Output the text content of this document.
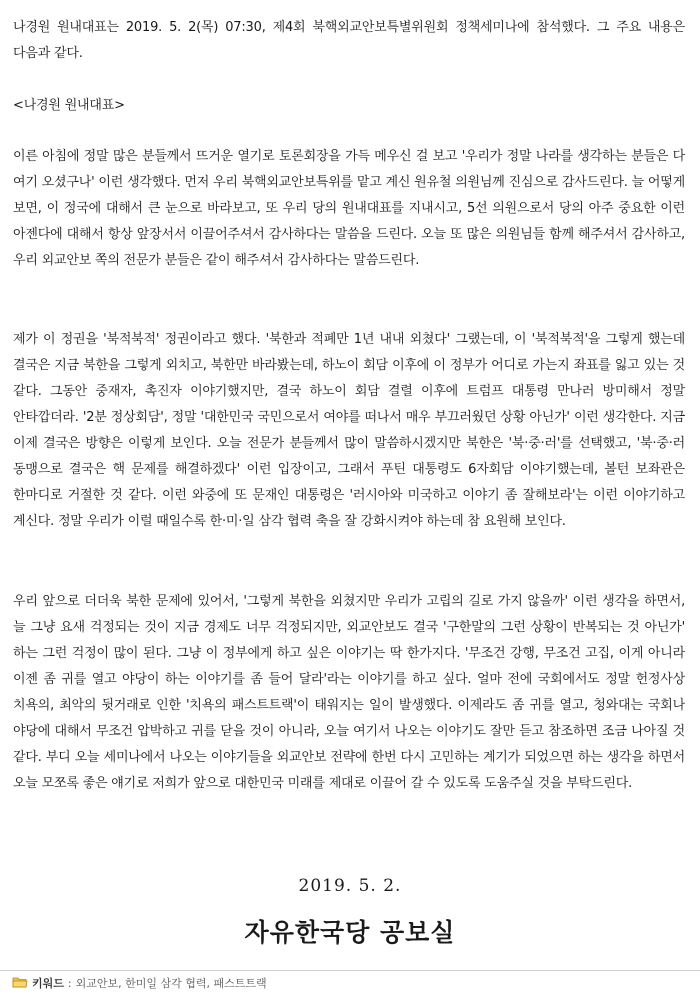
나경원 원내대표는 2019. 5. 2(목) 07:30, 제4회 북핵외교안보특별위원회 정책세미나에 참석했다. 그 주요 내용은 다음과 같다.

<나경원 원내대표>

이른 아침에 정말 많은 분들께서 뜨거운 열기로 토론회장을 가득 메우신 걸 보고 '우리가 정말 나라를 생각하는 분들은 다 여기 오셨구나' 이런 생각했다. 먼저 우리 북핵외교안보특위를 맡고 계신 원유철 의원님께 진심으로 감사드린다. 늘 어떻게 보면, 이 정국에 대해서 큰 눈으로 바라보고, 또 우리 당의 원내대표를 지내시고, 5선 의원으로서 당의 아주 중요한 이런 아젠다에 대해서 항상 앞장서서 이끌어주셔서 감사하다는 말씀을 드린다. 오늘 또 많은 의원님들 함께 해주셔서 감사하고, 우리 외교안보 쪽의 전문가 분들은 같이 해주셔서 감사하다는 말씀드린다.

제가 이 정권을 '북적북적' 정권이라고 했다. '북한과 적폐만 1년 내내 외쳤다' 그랬는데, 이 '북적북적'을 그렇게 했는데 결국은 지금 북한을 그렇게 외치고, 북한만 바라봤는데, 하노이 회담 이후에 이 정부가 어디로 가는지 좌표를 잃고 있는 것 같다. 그동안 중재자, 촉진자 이야기했지만, 결국 하노이 회담 결렬 이후에 트럼프 대통령 만나러 방미해서 정말 안타깝더라. '2분 정상회담', 정말 '대한민국 국민으로서 여야를 떠나서 매우 부끄러웠던 상황 아닌가' 이런 생각한다. 지금 이제 결국은 방향은 이렇게 보인다. 오늘 전문가 분들께서 많이 말씀하시겠지만 북한은 '북·중·러'를 선택했고, '북·중·러 동맹으로 결국은 핵 문제를 해결하겠다' 이런 입장이고, 그래서 푸틴 대통령도 6자회담 이야기했는데, 볼턴 보좌관은 한마디로 거절한 것 같다. 이런 와중에 또 문재인 대통령은 '러시아와 미국하고 이야기 좀 잘해보라'는 이런 이야기하고 계신다. 정말 우리가 이럴 때일수록 한·미·일 삼각 협력 축을 잘 강화시켜야 하는데 참 요원해 보인다.

우리 앞으로 더더욱 북한 문제에 있어서, '그렇게 북한을 외쳤지만 우리가 고립의 길로 가지 않을까' 이런 생각을 하면서, 늘 그냥 요새 걱정되는 것이 지금 경제도 너무 걱정되지만, 외교안보도 결국 '구한말의 그런 상황이 반복되는 것 아닌가' 하는 그런 걱정이 많이 된다. 그냥 이 정부에게 하고 싶은 이야기는 딱 한가지다. '무조건 강행, 무조건 고집, 이게 아니라 이젠 좀 귀를 열고 야당이 하는 이야기를 좀 들어 달라'라는 이야기를 하고 싶다. 얼마 전에 국회에서도 정말 헌정사상 치욕의, 최악의 뒷거래로 인한 '치욕의 패스트트랙'이 태워지는 일이 발생했다. 이제라도 좀 귀를 열고, 청와대는 국회나 야당에 대해서 무조건 압박하고 귀를 닫을 것이 아니라, 오늘 여기서 나오는 이야기도 잘만 듣고 참조하면 조금 나아질 것 같다. 부디 오늘 세미나에서 나오는 이야기들을 외교안보 전략에 한번 다시 고민하는 계기가 되었으면 하는 생각을 하면서 오늘 모쪼록 좋은 얘기로 저희가 앞으로 대한민국 미래를 제대로 이끌어 갈 수 있도록 도움주실 것을 부탁드린다.

2019. 5. 2.
자유한국당 공보실
키워드 : 외교안보, 한미일 삼각 협력, 패스트트랙
